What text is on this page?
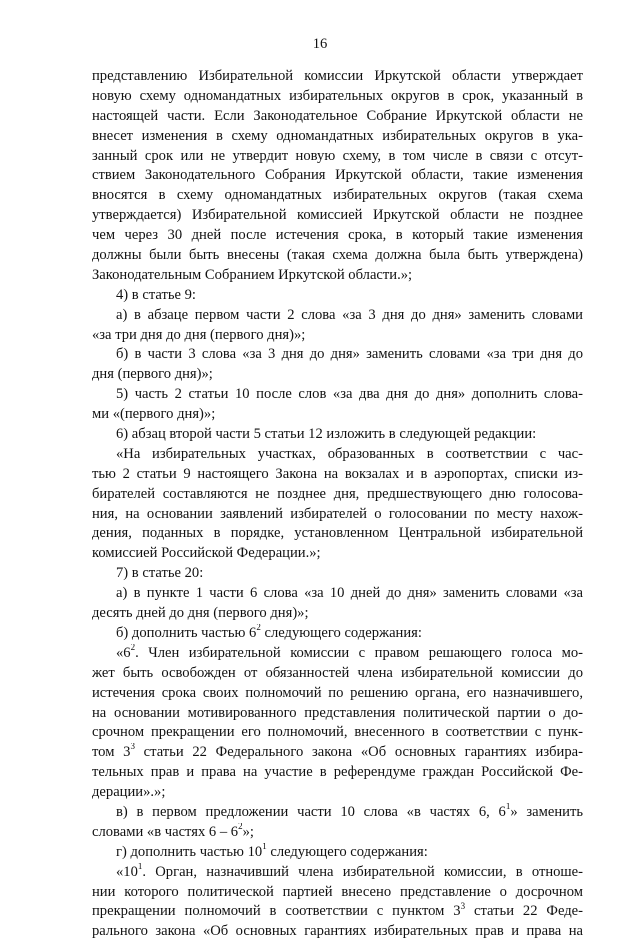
16
представлению Избирательной комиссии Иркутской области утверждает
новую схему одномандатных избирательных округов в срок, указанный в
настоящей части. Если Законодательное Собрание Иркутской области не
внесет изменения в схему одномандатных избирательных округов в ука-
занный срок или не утвердит новую схему, в том числе в связи с отсут-
ствием Законодательного Собрания Иркутской области, такие изменения
вносятся в схему одномандатных избирательных округов (такая схема
утверждается) Избирательной комиссией Иркутской области не позднее
чем через 30 дней после истечения срока, в который такие изменения
должны были быть внесены (такая схема должна была быть утверждена)
Законодательным Собранием Иркутской области.»;
4) в статье 9:
а) в абзаце первом части 2 слова «за 3 дня до дня» заменить словами
«за три дня до дня (первого дня)»;
б) в части 3 слова «за 3 дня до дня» заменить словами «за три дня до
дня (первого дня)»;
5) часть 2 статьи 10 после слов «за два дня до дня» дополнить слова-
ми «(первого дня)»;
6) абзац второй части 5 статьи 12 изложить в следующей редакции:
«На избирательных участках, образованных в соответствии с час-
тью 2 статьи 9 настоящего Закона на вокзалах и в аэропортах, списки из-
бирателей составляются не позднее дня, предшествующего дню голосова-
ния, на основании заявлений избирателей о голосовании по месту нахож-
дения, поданных в порядке, установленном Центральной избирательной
комиссией Российской Федерации.»;
7) в статье 20:
а) в пункте 1 части 6 слова «за 10 дней до дня» заменить словами «за
десять дней до дня (первого дня)»;
б) дополнить частью $6^2$ следующего содержания:
«$6^2$. Член избирательной комиссии с правом решающего голоса мо-
жет быть освобожден от обязанностей члена избирательной комиссии до
истечения срока своих полномочий по решению органа, его назначившего,
на основании мотивированного представления политической партии о до-
срочном прекращении его полномочий, внесенного в соответствии с пунк-
том $3^3$ статьи 22 Федерального закона «Об основных гарантиях избира-
тельных прав и права на участие в референдуме граждан Российской Фе-
дерации».»;
в) в первом предложении части 10 слова «в частях 6, $6^1$» заменить
словами «в частях $6 - 6^2$»;
г) дополнить частью $10^1$ следующего содержания:
«$10^1$. Орган, назначивший члена избирательной комиссии, в отноше-
нии которого политической партией внесено представление о досрочном
прекращении полномочий в соответствии с пунктом $3^3$ статьи 22 Феде-
рального закона «Об основных гарантиях избирательных прав и права на
